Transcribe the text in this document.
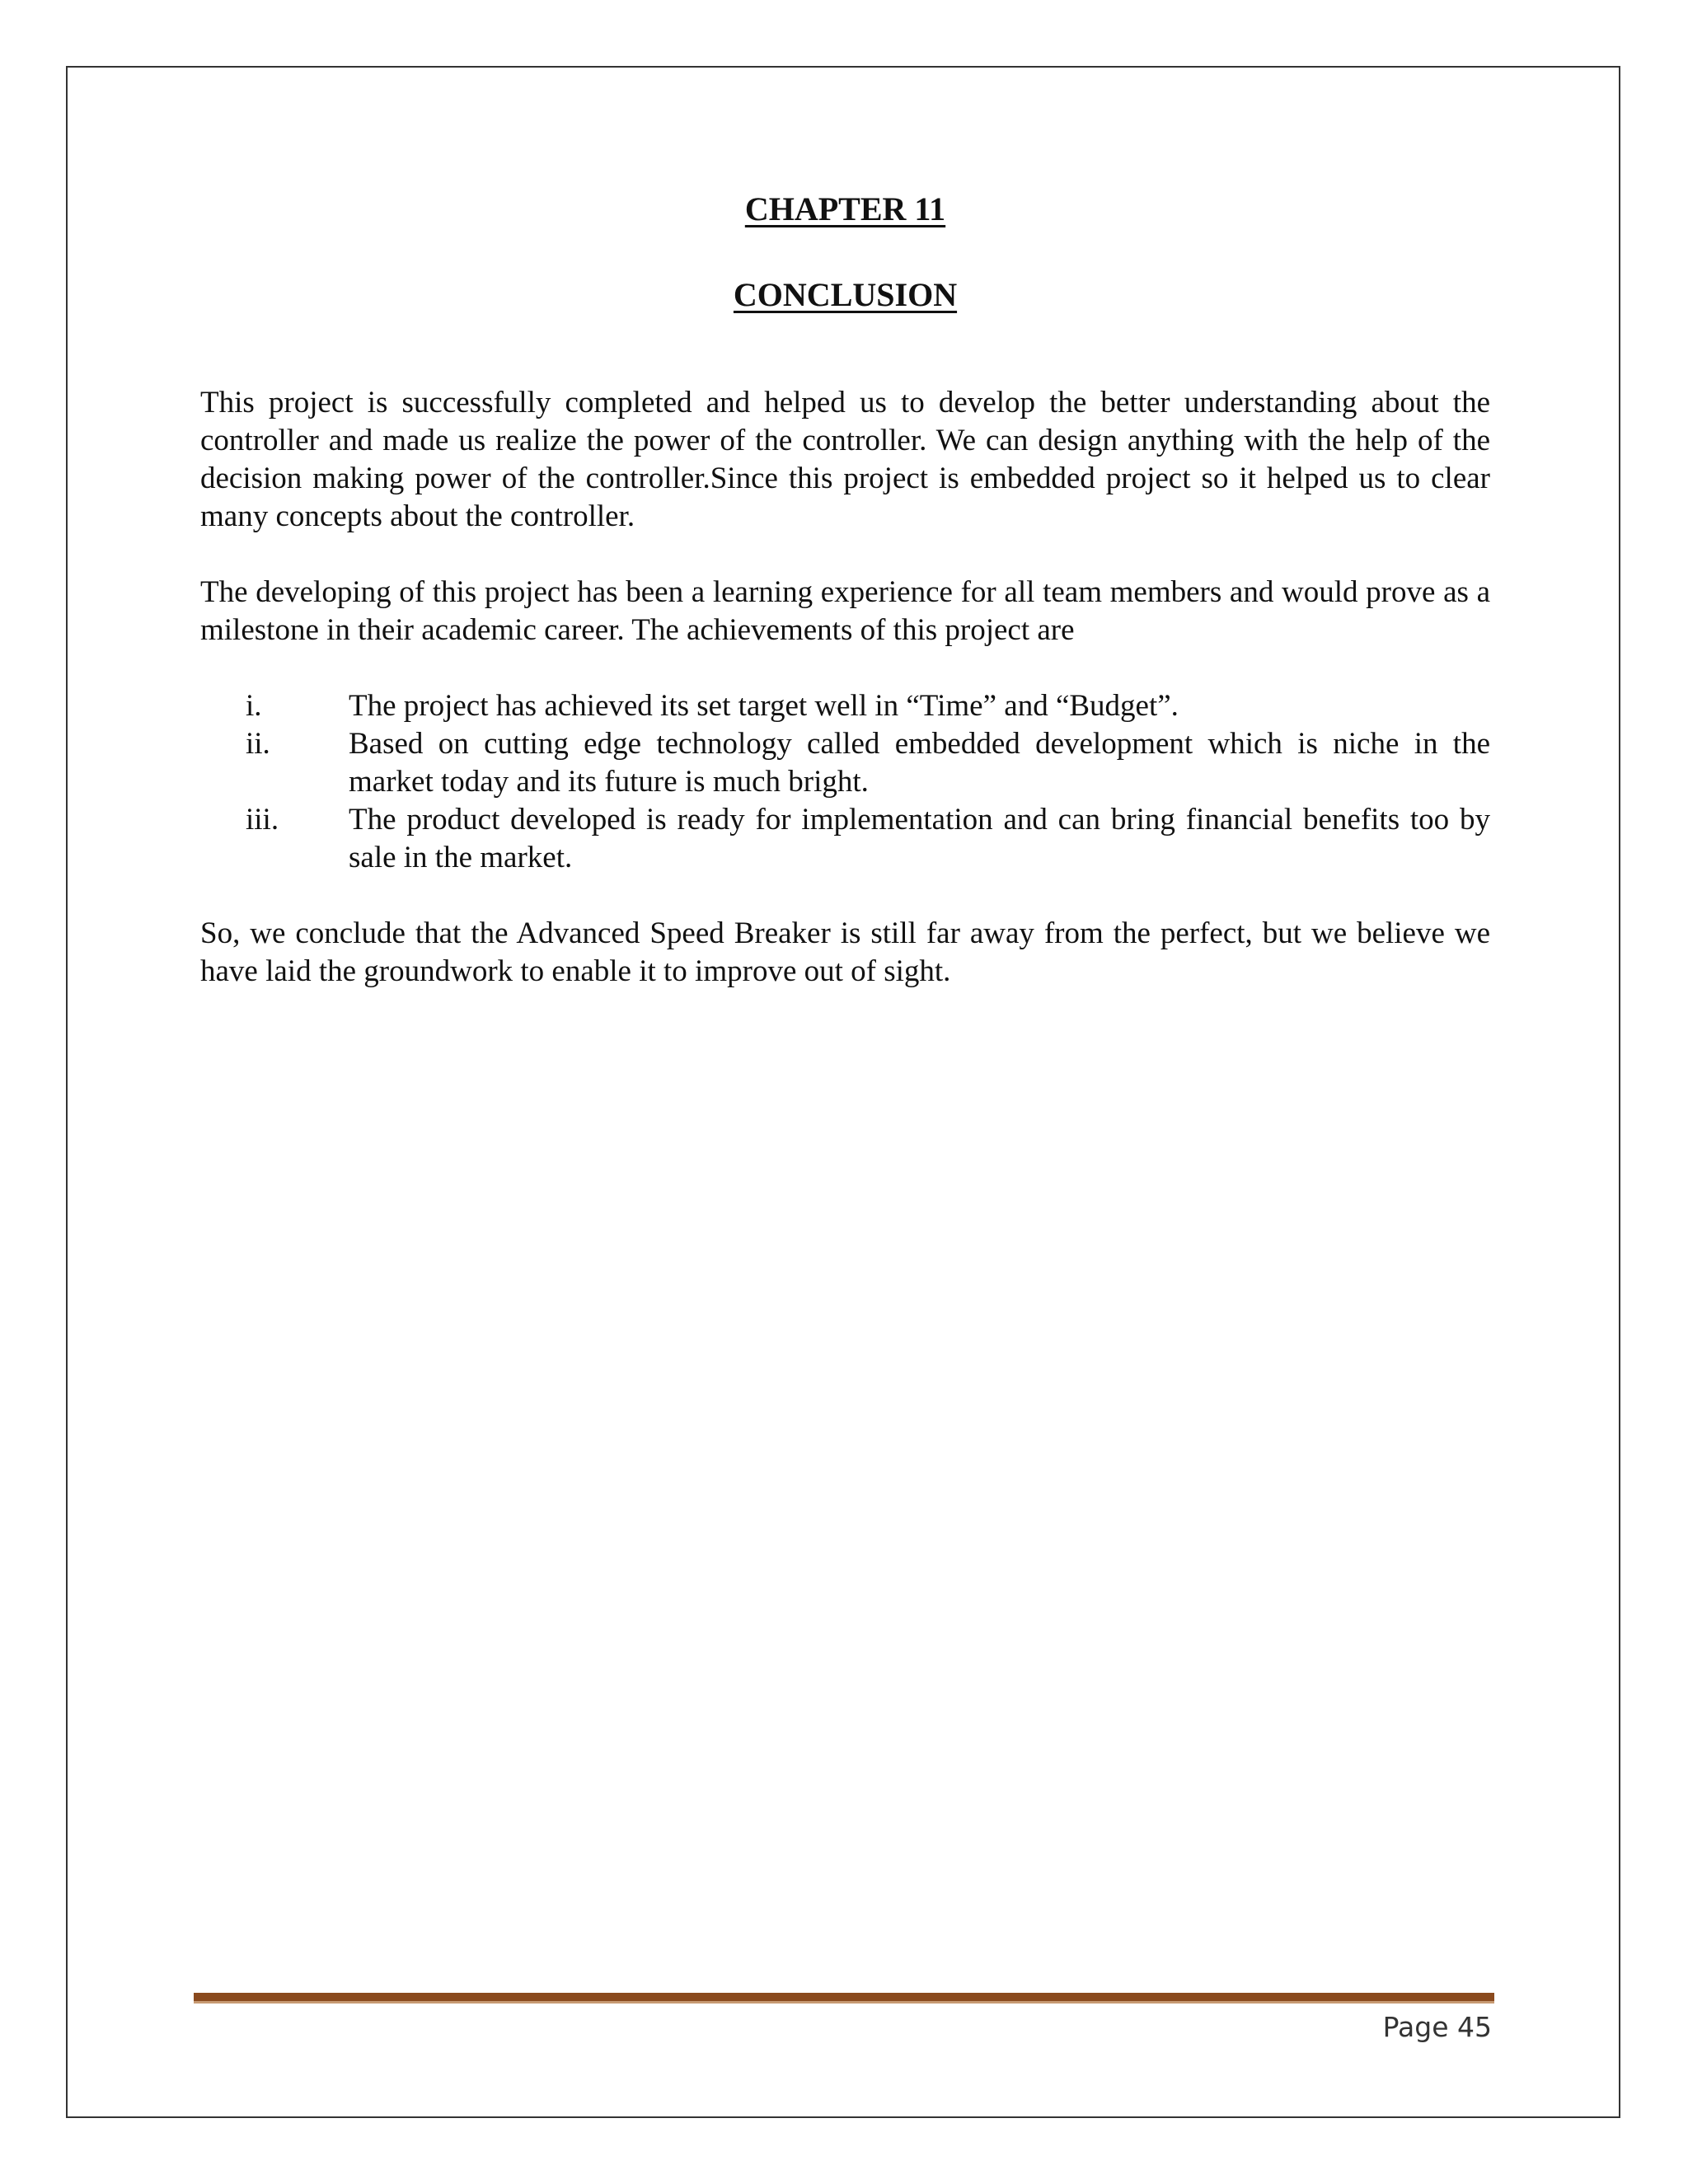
CHAPTER 11
CONCLUSION

This project is successfully completed and helped us to develop the better understanding about the controller and made us realize the power of the controller. We can design anything with the help of the decision making power of the controller.Since this project is embedded project so it helped us to clear many concepts about the controller.

The developing of this project has been a learning experience for all team members and would prove as a milestone in their academic career. The achievements of this project are

i.	The project has achieved its set target well in “Time” and “Budget”.
ii.	Based on cutting edge technology called embedded development which is niche in the market today and its future is much bright.
iii.	The product developed is ready for implementation and can bring financial benefits too by sale in the market.

So, we conclude that the Advanced Speed Breaker is still far away from the perfect, but we believe we have laid the groundwork to enable it to improve out of sight.

Page 45
